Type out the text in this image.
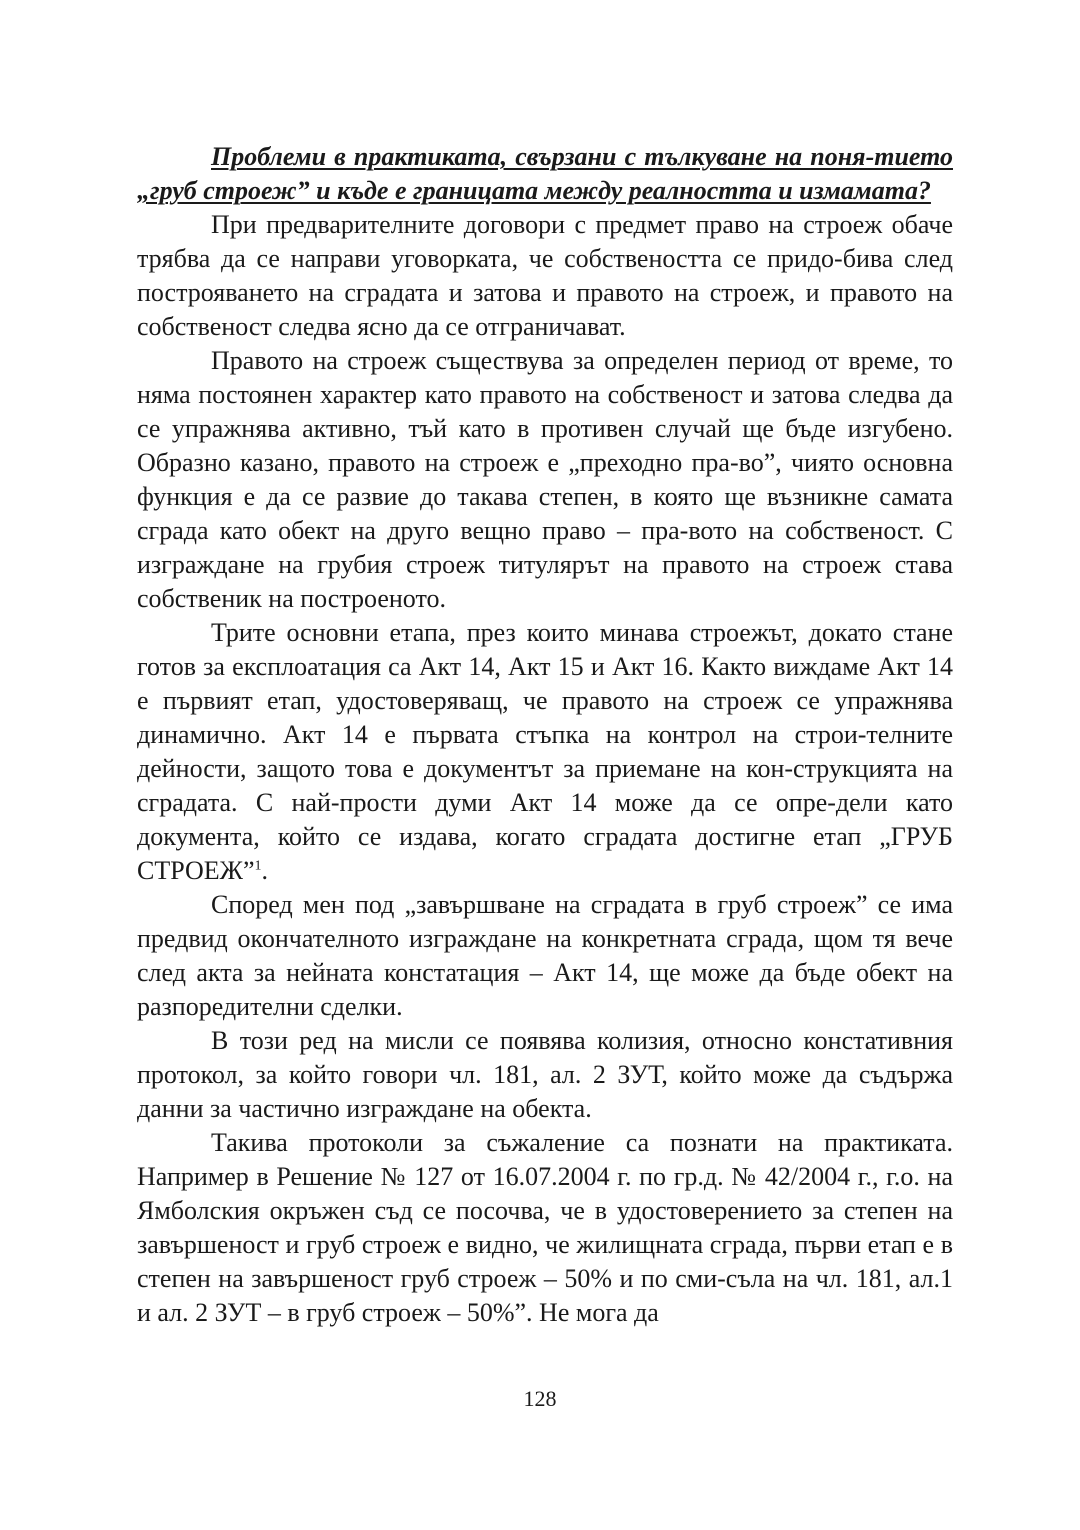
Проблеми в практиката, свързани с тълкуване на поня-тието „груб строеж” и къде е границата между реалността и измамата?

При предварителните договори с предмет право на строеж обаче трябва да се направи уговорката, че собствеността се придо-бива след построяването на сградата и затова и правото на строеж, и правото на собственост следва ясно да се отграничават.

Правото на строеж съществува за определен период от време, то няма постоянен характер като правото на собственост и затова следва да се упражнява активно, тъй като в противен случай ще бъде изгубено. Образно казано, правото на строеж е „преходно пра-во”, чиято основна функция е да се развие до такава степен, в която ще възникне самата сграда като обект на друго вещно право – пра-вото на собственост. С изграждане на грубия строеж титулярът на правото на строеж става собственик на построеното.

Трите основни етапа, през които минава строежът, докато стане готов за експлоатация са Акт 14, Акт 15 и Акт 16. Както виждаме Акт 14 е първият етап, удостоверяващ, че правото на строеж се упражнява динамично. Акт 14 е първата стъпка на контрол на строи-телните дейности, защото това е документът за приемане на кон-струкцията на сградата. С най-прости думи Акт 14 може да се опре-дели като документа, който се издава, когато сградата достигне етап „ГРУБ СТРОЕЖ”$^1$.

Според мен под „завършване на сградата в груб строеж” се има предвид окончателното изграждане на конкретната сграда, щом тя вече след акта за нейната констатация – Акт 14, ще може да бъде обект на разпоредителни сделки.

В този ред на мисли се появява колизия, относно констативния протокол, за който говори чл. 181, ал. 2 ЗУТ, който може да съдържа данни за частично изграждане на обекта.

Такива протоколи за съжаление са познати на практиката. Например в Решение № 127 от 16.07.2004 г. по гр.д. № 42/2004 г., г.о. на Ямболския окръжен съд се посочва, че в удостоверението за степен на завършеност и груб строеж е видно, че жилищната сграда, първи етап е в степен на завършеност груб строеж – 50% и по сми-съла на чл. 181, ал.1 и ал. 2 ЗУТ – в груб строеж – 50%”. Не мога да

128
